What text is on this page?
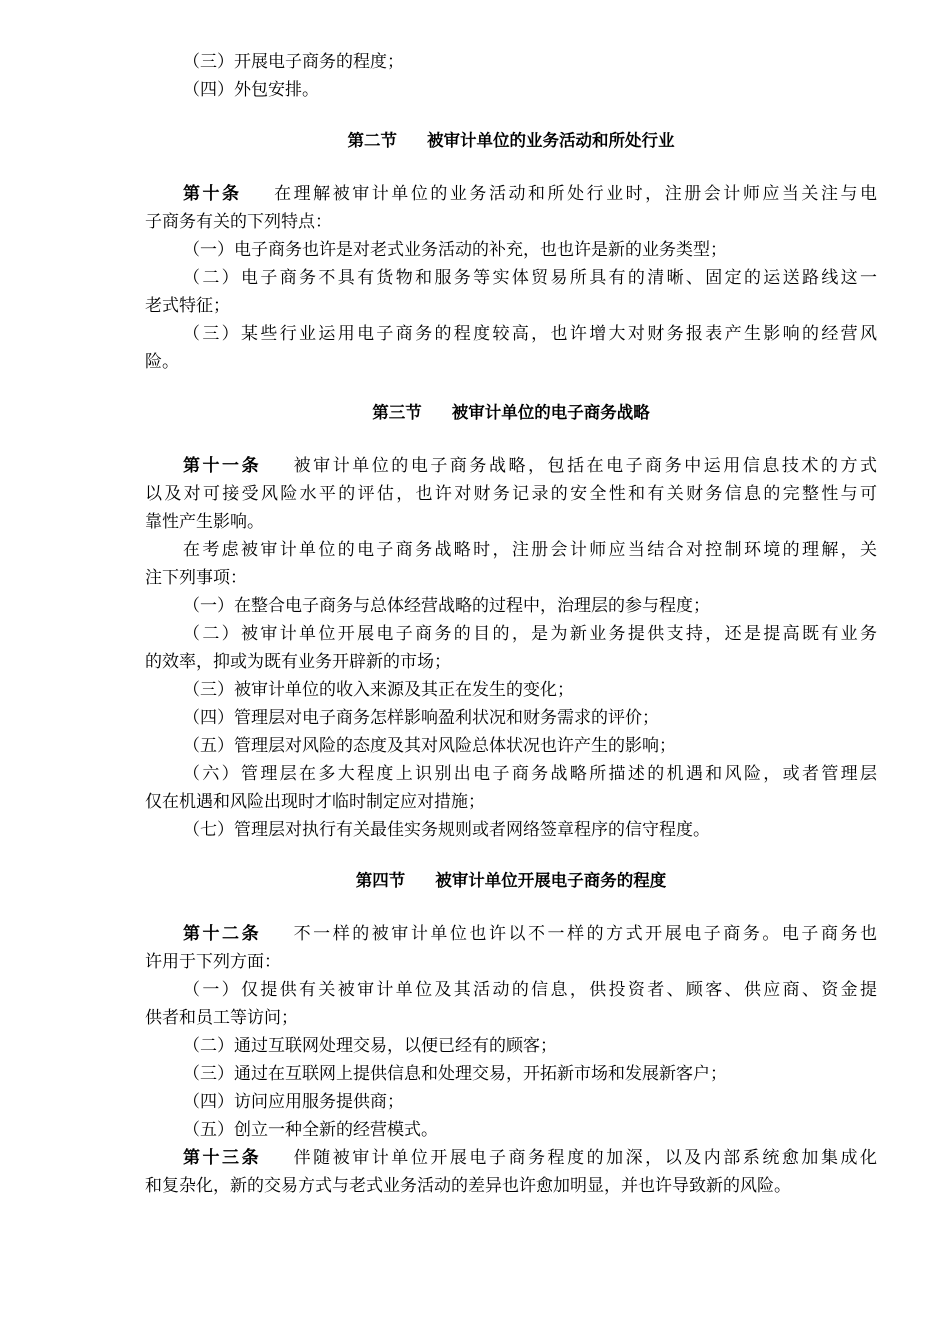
（三）开展电子商务的程度；

（四）外包安排。

第二节 被审计单位的业务活动和所处行业

第十条 在理解被审计单位的业务活动和所处行业时，注册会计师应当关注与电

子商务有关的下列特点：

（一）电子商务也许是对老式业务活动的补充，也也许是新的业务类型；

（二）电子商务不具有货物和服务等实体贸易所具有的清晰、固定的运送路线这一

老式特征；

（三）某些行业运用电子商务的程度较高，也许增大对财务报表产生影响的经营风

险。

第三节 被审计单位的电子商务战略

第十一条 被审计单位的电子商务战略，包括在电子商务中运用信息技术的方式

以及对可接受风险水平的评估，也许对财务记录的安全性和有关财务信息的完整性与可

靠性产生影响。

在考虑被审计单位的电子商务战略时，注册会计师应当结合对控制环境的理解，关

注下列事项：

（一）在整合电子商务与总体经营战略的过程中，治理层的参与程度；

（二）被审计单位开展电子商务的目的，是为新业务提供支持，还是提高既有业务

的效率，抑或为既有业务开辟新的市场；

（三）被审计单位的收入来源及其正在发生的变化；

（四）管理层对电子商务怎样影响盈利状况和财务需求的评价；

（五）管理层对风险的态度及其对风险总体状况也许产生的影响；

（六）管理层在多大程度上识别出电子商务战略所描述的机遇和风险，或者管理层

仅在机遇和风险出现时才临时制定应对措施；

（七）管理层对执行有关最佳实务规则或者网络签章程序的信守程度。

第四节 被审计单位开展电子商务的程度

第十二条 不一样的被审计单位也许以不一样的方式开展电子商务。电子商务也

许用于下列方面：

（一）仅提供有关被审计单位及其活动的信息，供投资者、顾客、供应商、资金提

供者和员工等访问；

（二）通过互联网处理交易，以便已经有的顾客；

（三）通过在互联网上提供信息和处理交易，开拓新市场和发展新客户；

（四）访问应用服务提供商；

（五）创立一种全新的经营模式。

第十三条 伴随被审计单位开展电子商务程度的加深，以及内部系统愈加集成化

和复杂化，新的交易方式与老式业务活动的差异也许愈加明显，并也许导致新的风险。
